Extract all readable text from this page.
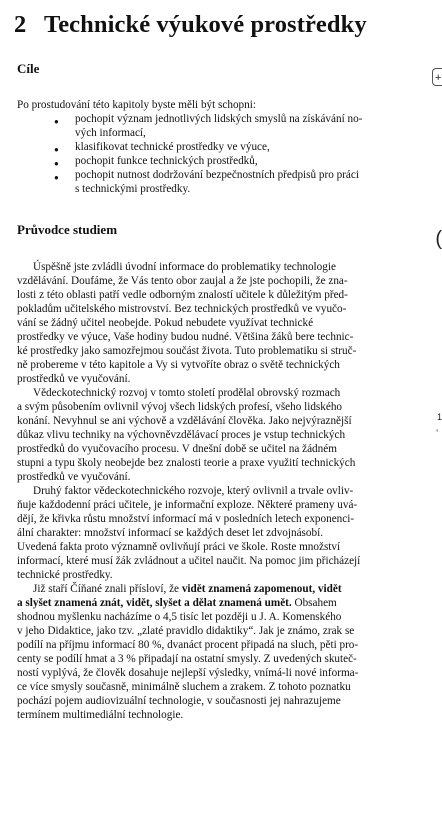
2 Technické výukové prostředky
Cíle
Po prostudování této kapitoly byste měli být schopni:
● pochopit význam jednotlivých lidských smyslů na získávání no-
vých informací,
● klasifikovat technické prostředky ve výuce,
● pochopit funkce technických prostředků,
● pochopit nutnost dodržování bezpečnostních předpisů pro práci
s technickými prostředky.
Průvodce studiem
Úspěšně jste zvládli úvodní informace do problematiky technologie
vzdělávání. Doufáme, že Vás tento obor zaujal a že jste pochopili, že zna-
losti z této oblasti patří vedle odborným znalostí učitele k důležitým před-
pokladům učitelského mistrovství. Bez technických prostředků ve vyučo-
vání se žádný učitel neobejde. Pokud nebudete využívat technické
prostředky ve výuce, Vaše hodiny budou nudné. Většina žáků bere technic-
ké prostředky jako samozřejmou součást života. Tuto problematiku si struč-
ně probereme v této kapitole a Vy si vytvoříte obraz o světě technických
prostředků ve vyučování.
Vědeckotechnický rozvoj v tomto století prodělal obrovský rozmach
a svým působením ovlivnil vývoj všech lidských profesí, všeho lidského
konání. Nevyhnul se ani výchově a vzdělávání člověka. Jako nejvýraznější
důkaz vlivu techniky na výchovněvzdělávací proces je vstup technických
prostředků do vyučovacího procesu. V dnešní době se učitel na žádném
stupni a typu školy neobejde bez znalosti teorie a praxe využití technických
prostředků ve vyučování.
Druhý faktor vědeckotechnického rozvoje, který ovlivnil a trvale ovliv-
ňuje každodenní práci učitele, je informační exploze. Některé prameny uvá-
dějí, že křivka růstu množství informací má v posledních letech exponenci-
ální charakter: množství informací se každých deset let zdvojnásobí.
Uvedená fakta proto významně ovlivňují práci ve škole. Roste množství
informací, které musí žák zvládnout a učitel naučit. Na pomoc jim přicházejí
technické prostředky.
Již staří Číňané znali přísloví, že vidět znamená zapomenout, vidět
a slyšet znamená znát, vidět, slyšet a dělat znamená umět. Obsahem
shodnou myšlenku nacházíme o 4,5 tisíc let později u J. A. Komenského
v jeho Didaktice, jako tzv. „zlaté pravidlo didaktiky“. Jak je známo, zrak se
podílí na příjmu informací 80 %, dvanáct procent připadá na sluch, pěti pro-
centy se podílí hmat a 3 % připadají na ostatní smysly. Z uvedených skuteč-
ností vyplývá, že člověk dosahuje nejlepší výsledky, vnímá-li nové informa-
ce více smysly současně, minimálně sluchem a zrakem. Z tohoto poznatku
pochází pojem audiovizuální technologie, v současnosti jej nahrazujeme
termínem multimediální technologie.
+
(
1
'
